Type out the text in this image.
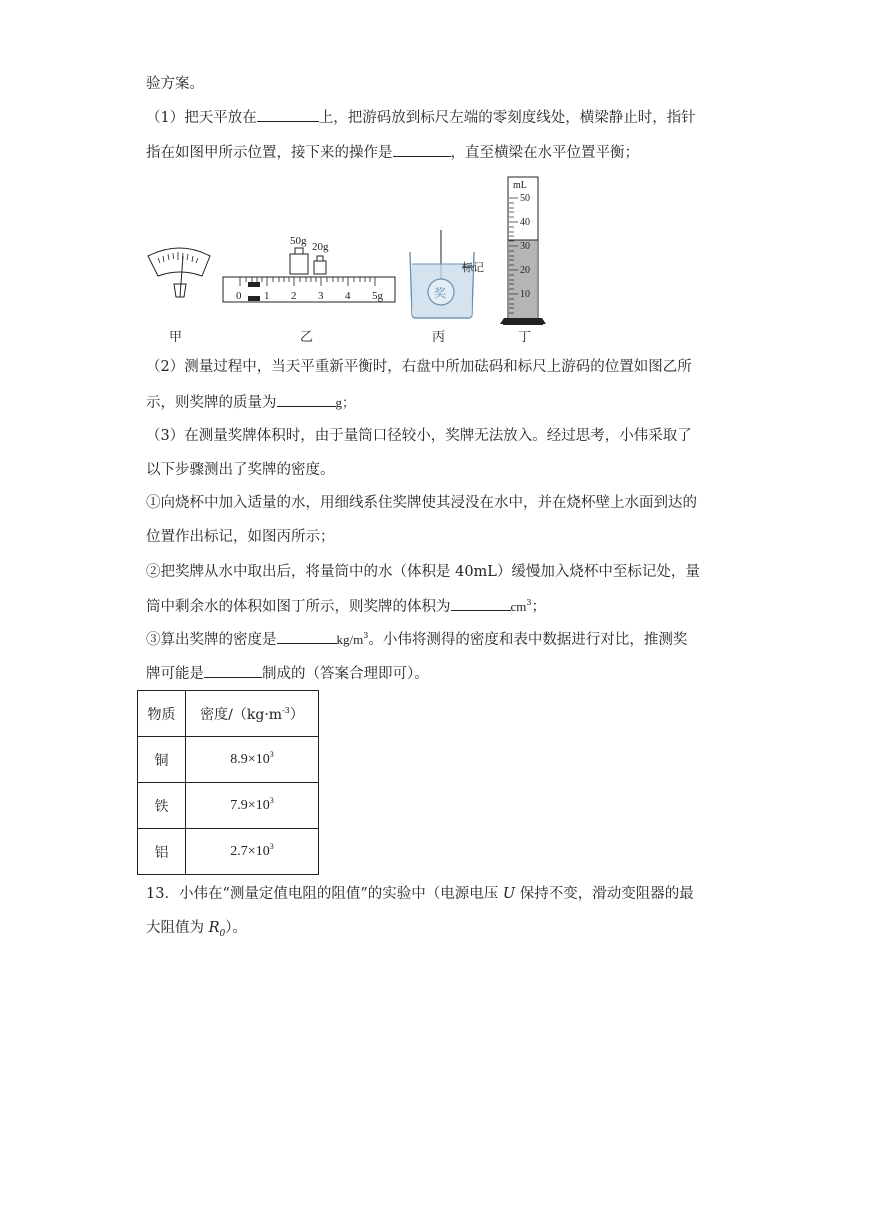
验方案。
（1）把天平放在	上，把游码放到标尺左端的零刻度线处，横梁静止时，指针
指在如图甲所示位置，接下来的操作是	，直至横梁在水平位置平衡；
50g 20g
0 1 2 3 4 5g	奖
标记
mL
50
40
30
20
10
甲	乙	丙	丁
（2）测量过程中，当天平重新平衡时，右盘中所加砝码和标尺上游码的位置如图乙所
示，则奖牌的质量为	g；
（3）在测量奖牌体积时，由于量筒口径较小，奖牌无法放入。经过思考，小伟采取了
以下步骤测出了奖牌的密度。
①向烧杯中加入适量的水，用细线系住奖牌使其浸没在水中，并在烧杯壁上水面到达的
位置作出标记，如图丙所示；
②把奖牌从水中取出后，将量筒中的水（体积是 40mL）缓慢加入烧杯中至标记处，量
筒中剩余水的体积如图丁所示，则奖牌的体积为	$cm^3$；
③算出奖牌的密度是	$kg/m^3$。小伟将测得的密度和表中数据进行对比，推测奖
牌可能是	制成的（答案合理即可）。
物质	密度$/(kg\cdot m^{-3})$
铜	$8.9\times 10^3$
铁	$7.9\times 10^3$
铝	$2.7\times 10^3$
13．小伟在“测量定值电阻的阻值”的实验中（电源电压 U 保持不变，滑动变阻器的最
大阻值为 $R_0$）。
